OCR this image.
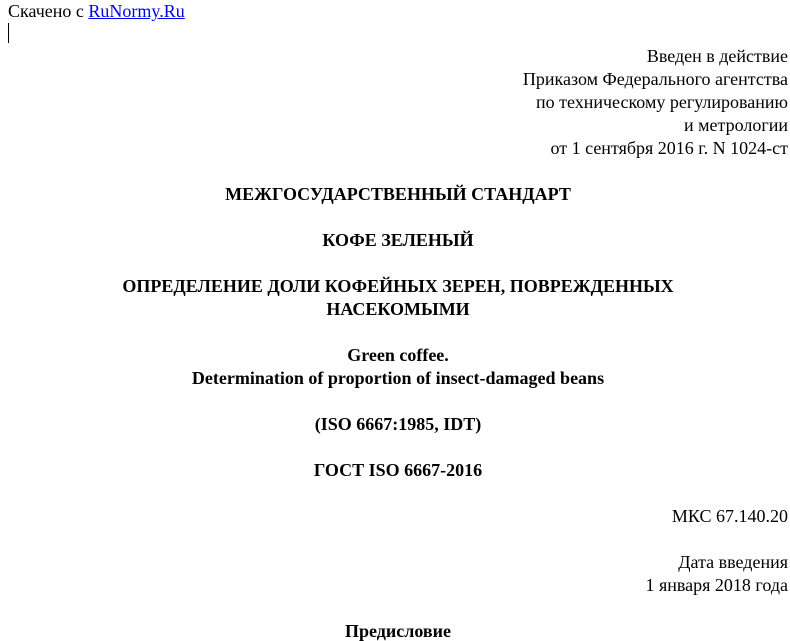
Скачено с RuNormy.Ru
Введен в действие
Приказом Федерального агентства
по техническому регулированию
и метрологии
от 1 сентября 2016 г. N 1024-ст
МЕЖГОСУДАРСТВЕННЫЙ СТАНДАРТ
КОФЕ ЗЕЛЕНЫЙ
ОПРЕДЕЛЕНИЕ ДОЛИ КОФЕЙНЫХ ЗЕРЕН, ПОВРЕЖДЕННЫХ
НАСЕКОМЫМИ
Green coffee.
Determination of proportion of insect-damaged beans
(ISO 6667:1985, IDT)
ГОСТ ISO 6667-2016
МКС 67.140.20
Дата введения
1 января 2018 года
Предисловие
